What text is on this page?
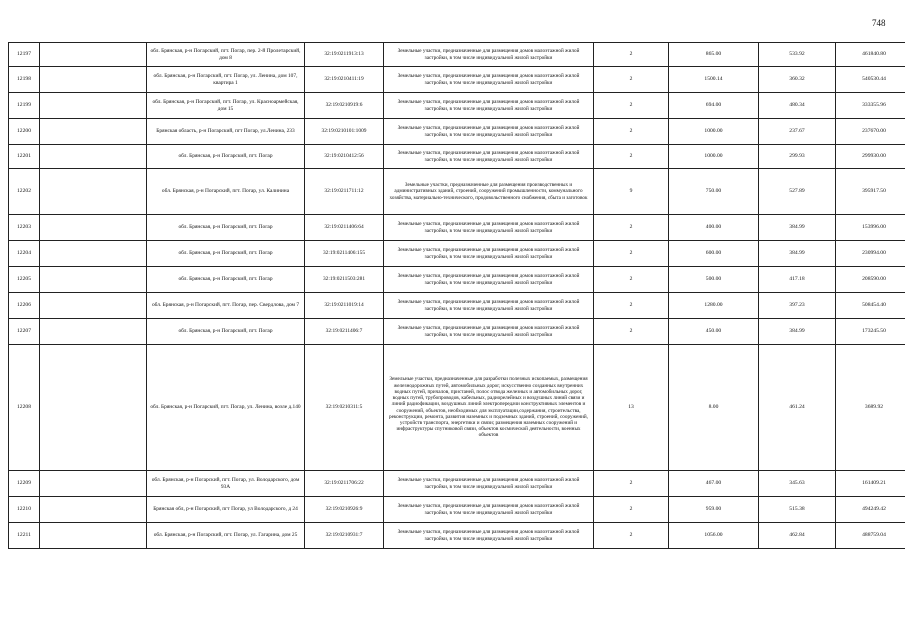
748
12197		обл. Брянская, р-н Погарский, пгт. Погар, пер. 2-й Пролетарский, дом 8	32:19:0211913:13	Земельные участки, предназначенные для размещения домов малоэтажной жилой застройки, в том числе индивидуальной жилой застройки	2	865.00	533.92	461840.80
12198		обл. Брянская, р-н Погарский, пгт. Погар, ул. Ленина, дом 107, квартира 1	32:19:0210411:19	Земельные участки, предназначенные для размещения домов малоэтажной жилой застройки, в том числе индивидуальной жилой застройки	2	1500.14	360.32	540530.44
12199		обл. Брянская, р-н Погарский, пгт. Погар, ул. Красноармейская, дом 15	32:19:0210919:6	Земельные участки, предназначенные для размещения домов малоэтажной жилой застройки, в том числе индивидуальной жилой застройки	2	694.00	480.34	333355.96
12200		Брянская область, р-н Погарский, пгт Погар, ул.Ленина, 233	32:19:0210101:1009	Земельные участки, предназначенные для размещения домов малоэтажной жилой застройки, в том числе индивидуальной жилой застройки	2	1000.00	237.67	237670.00
12201		обл. Брянская, р-н Погарский, пгт. Погар	32:19:0210412:56	Земельные участки, предназначенные для размещения домов малоэтажной жилой застройки, в том числе индивидуальной жилой застройки	2	1000.00	299.93	299930.00
12202		обл. Брянская, р-н Погарский, пгт. Погар, ул. Калинина	32:19:0211711:12	Земельные участки, предназначенные для размещения производственных и административных зданий, строений, сооружений промышленности, коммунального хозяйства, материально-технического, продовольственного снабжения, сбыта и заготовок	9	750.00	527.89	395917.50
12203		обл. Брянская, р-н Погарский, пгт. Погар	32:19:0211406:64	Земельные участки, предназначенные для размещения домов малоэтажной жилой застройки, в том числе индивидуальной жилой застройки	2	400.00	384.99	153996.00
12204		обл. Брянская, р-н Погарский, пгт. Погар	32:19:0211406:155	Земельные участки, предназначенные для размещения домов малоэтажной жилой застройки, в том числе индивидуальной жилой застройки	2	600.00	384.99	230994.00
12205		обл. Брянская, р-н Погарский, пгт. Погар	32:19:0211503:281	Земельные участки, предназначенные для размещения домов малоэтажной жилой застройки, в том числе индивидуальной жилой застройки	2	500.00	417.18	208590.00
12206		обл. Брянская, р-н Погарский, пгт. Погар, пер. Свердлова, дом 7	32:19:0211019:14	Земельные участки, предназначенные для размещения домов малоэтажной жилой застройки, в том числе индивидуальной жилой застройки	2	1280.00	397.23	508454.40
12207		обл. Брянская, р-н Погарский, пгт. Погар	32:19:0211406:7	Земельные участки, предназначенные для размещения домов малоэтажной жилой застройки, в том числе индивидуальной жилой застройки	2	450.00	384.99	173245.50
12208		обл. Брянская, р-н Погарский, пгт. Погар, ул. Ленина, возле д.140	32:19:0210311:5	Земельные участки, предназначенные для разработки полезных ископаемых, размещения железнодорожных путей, автомобильных дорог, искусственно созданных внутренних водных путей, причалов, пристаней, полос отвода железных и автомобильных дорог, водных путей, трубопроводов, кабельных, радиорелейных и воздушных линий связи и линий радиофикации, воздушных линий электропередачи конструктивных элементов и сооружений, объектов, необходимых для эксплуатации,содержания, строительства, реконструкции, ремонта, развития наземных и подземных зданий, строений, сооружений, устройств транспорта, энергетики и связи; размещения наземных сооружений и инфраструктуры спутниковой связи, объектов космической деятельности, военных объектов	13	8.00	461.24	3689.92
12209		обл. Брянская, р-н Погарский, пгт. Погар, ул. Володарского, дом 93А	32:19:0211706:22	Земельные участки, предназначенные для размещения домов малоэтажной жилой застройки, в том числе индивидуальной жилой застройки	2	467.00	345.63	161409.21
12210		Брянская обл, р-н Погарский, пгт Погар, ул Володарского, д 24	32:19:0210926:9	Земельные участки, предназначенные для размещения домов малоэтажной жилой застройки, в том числе индивидуальной жилой застройки	2	959.00	515.38	494249.42
12211		обл. Брянская, р-н Погарский, пгт. Погар, ул. Гагарина, дом 25	32:19:0210931:7	Земельные участки, предназначенные для размещения домов малоэтажной жилой застройки, в том числе индивидуальной жилой застройки	2	1056.00	462.84	488759.04
